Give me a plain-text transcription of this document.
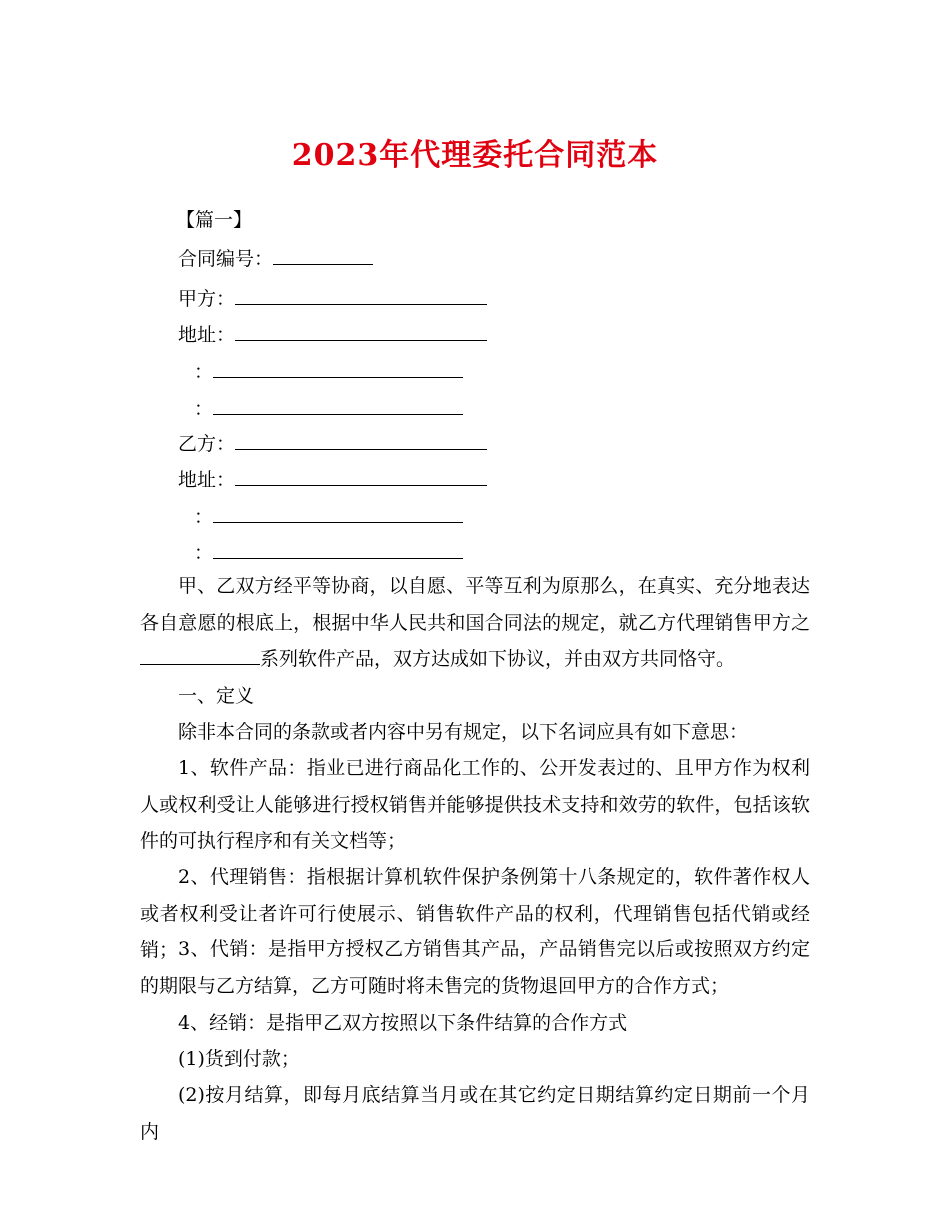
2023年代理委托合同范本
【篇一】
合同编号：
甲方：
地址：
：
：
乙方：
地址：
：
：
甲、乙双方经平等协商，以自愿、平等互利为原那么，在真实、充分地表达各自意愿的根底上，根据中华人民共和国合同法的规定，就乙方代理销售甲方之系列软件产品，双方达成如下协议，并由双方共同恪守。
一、定义
除非本合同的条款或者内容中另有规定，以下名词应具有如下意思：
1、软件产品：指业已进行商品化工作的、公开发表过的、且甲方作为权利人或权利受让人能够进行授权销售并能够提供技术支持和效劳的软件，包括该软件的可执行程序和有关文档等；
2、代理销售：指根据计算机软件保护条例第十八条规定的，软件著作权人或者权利受让者许可行使展示、销售软件产品的权利，代理销售包括代销或经销； 3、代销：是指甲方授权乙方销售其产品，产品销售完以后或按照双方约定的期限与乙方结算，乙方可随时将未售完的货物退回甲方的合作方式；
4、经销：是指甲乙双方按照以下条件结算的合作方式
(1)货到付款；
(2)按月结算，即每月底结算当月或在其它约定日期结算约定日期前一个月内
